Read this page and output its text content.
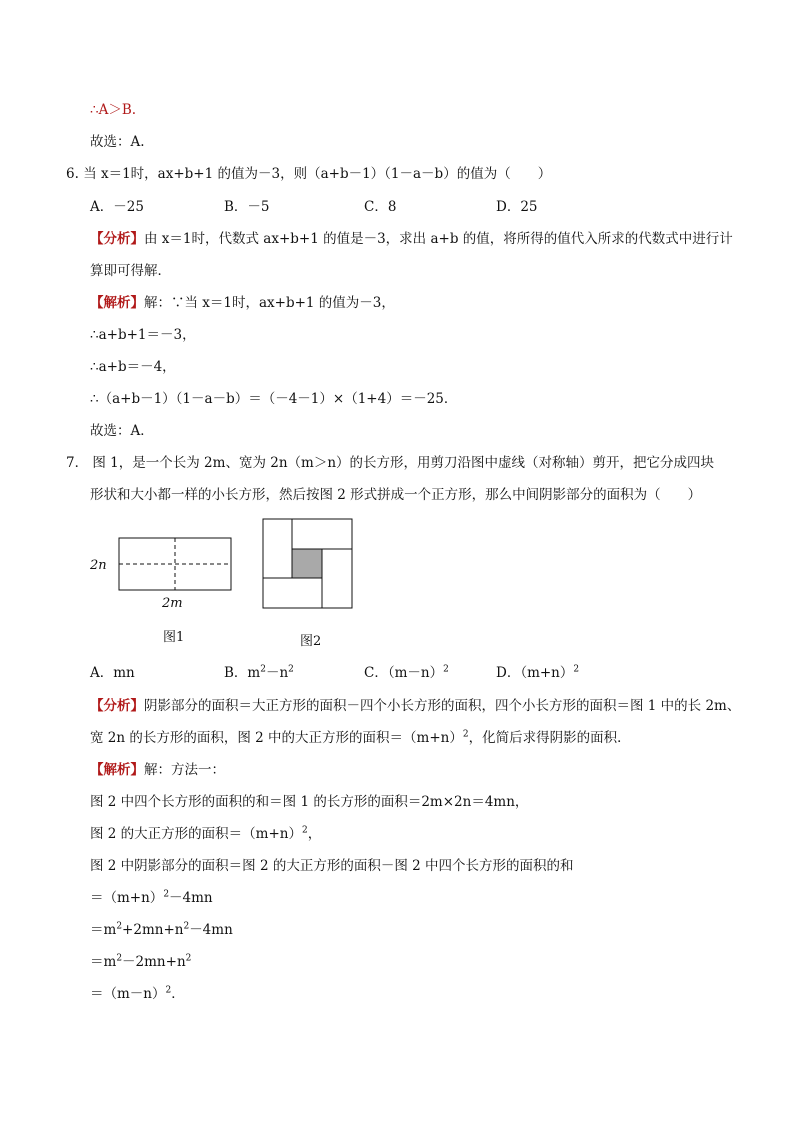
∴A＞B.
故选：A.
6. 当 x＝1时，ax+b+1 的值为－3，则（a+b－1）（1－a－b）的值为（　　）
A．－25	B．－5	C．8	D．25
【分析】由 x＝1时，代数式 ax+b+1 的值是－3，求出 a+b 的值，将所得的值代入所求的代数式中进行计
算即可得解．
【解析】解：∵当 x＝1时，ax+b+1 的值为－3，
∴a+b+1＝－3，
∴a+b＝－4，
∴（a+b－1）（1－a－b）＝（－4－1）×（1+4）＝－25．
故选：A．
7． 图 1，是一个长为 2m、宽为 2n（m＞n）的长方形，用剪刀沿图中虚线（对称轴）剪开，把它分成四块
形状和大小都一样的小长方形，然后按图 2 形式拼成一个正方形，那么中间阴影部分的面积为（　　）
2n
2m
图1	图2
A．mn	B．$m^2-n^2$	C．$(m-n)^2$	D．$(m+n)^2$
【分析】阴影部分的面积＝大正方形的面积－四个小长方形的面积，四个小长方形的面积＝图 1 中的长 2m、
宽 2n 的长方形的面积，图 2 中的大正方形的面积$=(m+n)^2$，化简后求得阴影的面积．
【解析】解：方法一：
图 2 中四个长方形的面积的和＝图 1 的长方形的面积＝2m×2n＝4mn，
图 2 的大正方形的面积$=(m+n)^2$，
图 2 中阴影部分的面积＝图 2 的大正方形的面积－图 2 中四个长方形的面积的和
$=(m+n)^2-4mn$
$=m^2+2mn+n^2-4mn$
$=m^2-2mn+n^2$
$=(m-n)^2$．
